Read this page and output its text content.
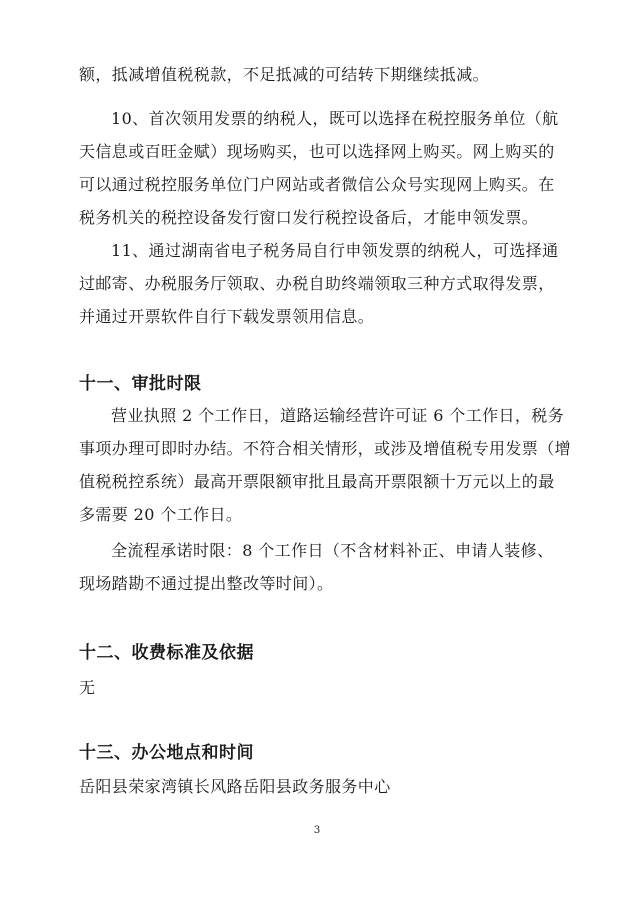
额，抵减增值税税款，不足抵减的可结转下期继续抵减。
10、首次领用发票的纳税人，既可以选择在税控服务单位（航
天信息或百旺金赋）现场购买，也可以选择网上购买。网上购买的
可以通过税控服务单位门户网站或者微信公众号实现网上购买。在
税务机关的税控设备发行窗口发行税控设备后，才能申领发票。
11、通过湖南省电子税务局自行申领发票的纳税人，可选择通
过邮寄、办税服务厅领取、办税自助终端领取三种方式取得发票，
并通过开票软件自行下载发票领用信息。
十一、审批时限
营业执照 2 个工作日，道路运输经营许可证 6 个工作日，税务
事项办理可即时办结。不符合相关情形，或涉及增值税专用发票（增
值税税控系统）最高开票限额审批且最高开票限额十万元以上的最
多需要 20 个工作日。
全流程承诺时限：8 个工作日（不含材料补正、申请人装修、
现场踏勘不通过提出整改等时间）。
十二、收费标准及依据
无
十三、办公地点和时间
岳阳县荣家湾镇长风路岳阳县政务服务中心
3
